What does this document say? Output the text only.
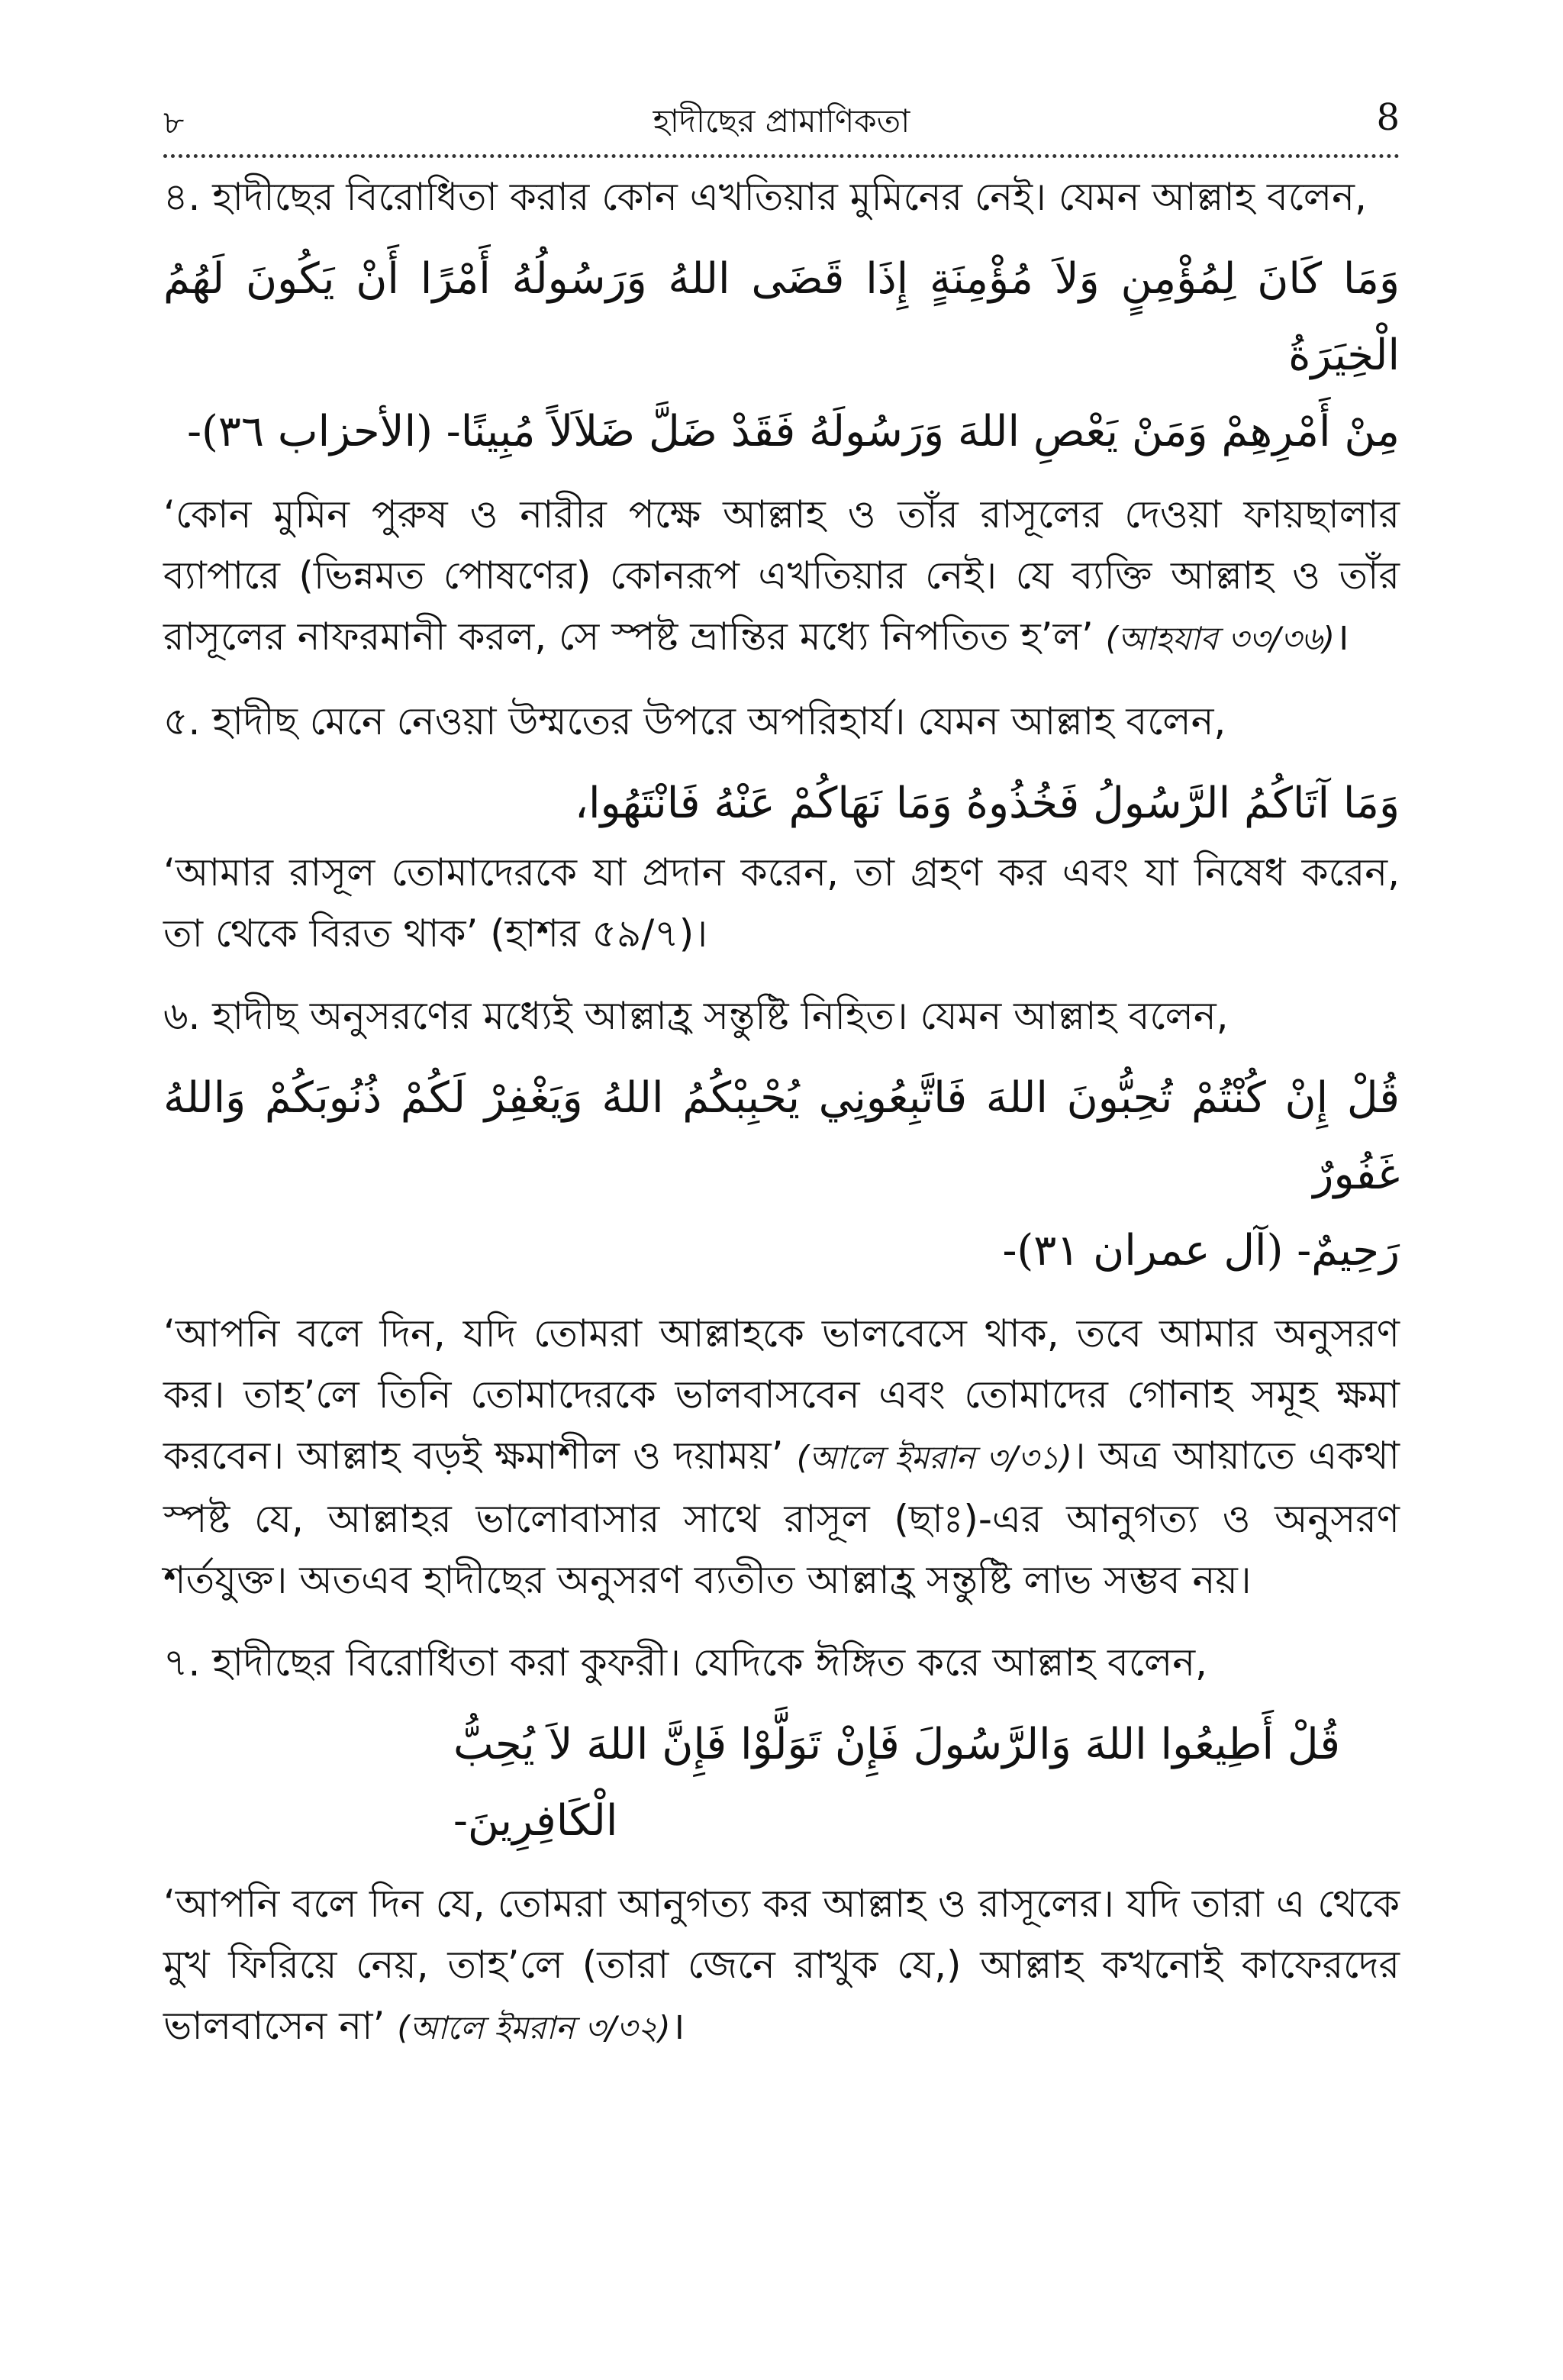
৮	হাদীছের প্রামাণিকতা	8

৪. হাদীছের বিরোধিতা করার কোন এখতিয়ার মুমিনের নেই। যেমন আল্লাহ বলেন,

وَمَا كَانَ لِمُؤْمِنٍ وَلاَ مُؤْمِنَةٍ إِذَا قَضَى اللهُ وَرَسُولُهُ أَمْرًا أَنْ يَكُونَ لَهُمُ الْخِيَرَةُ

مِنْ أَمْرِهِمْ وَمَنْ يَعْصِ اللهَ وَرَسُولَهُ فَقَدْ ضَلَّ ضَلاَلاً مُبِينًا- (الأحزاب ٣٦)-

‘কোন মুমিন পুরুষ ও নারীর পক্ষে আল্লাহ ও তাঁর রাসূলের দেওয়া ফায়ছালার ব্যাপারে (ভিন্নমত পোষণের) কোনরূপ এখতিয়ার নেই। যে ব্যক্তি আল্লাহ ও তাঁর রাসূলের নাফরমানী করল, সে স্পষ্ট ভ্রান্তির মধ্যে নিপতিত হ’ল’ (আহযাব ৩৩/৩৬)।

৫. হাদীছ মেনে নেওয়া উম্মতের উপরে অপরিহার্য। যেমন আল্লাহ বলেন,

وَمَا آتَاكُمُ الرَّسُولُ فَخُذُوهُ وَمَا نَهَاكُمْ عَنْهُ فَانْتَهُوا،

‘আমার রাসূল তোমাদেরকে যা প্রদান করেন, তা গ্রহণ কর এবং যা নিষেধ করেন, তা থেকে বিরত থাক’ (হাশর ৫৯/৭)।

৬. হাদীছ অনুসরণের মধ্যেই আল্লাহ্র সন্তুষ্টি নিহিত। যেমন আল্লাহ বলেন,

قُلْ إِنْ كُنْتُمْ تُحِبُّونَ اللهَ فَاتَّبِعُونِي يُحْبِبْكُمُ اللهُ وَيَغْفِرْ لَكُمْ ذُنُوبَكُمْ وَاللهُ غَفُورٌ

رَحِيمٌ- (آل عمران ٣١)-

‘আপনি বলে দিন, যদি তোমরা আল্লাহকে ভালবেসে থাক, তবে আমার অনুসরণ কর। তাহ’লে তিনি তোমাদেরকে ভালবাসবেন এবং তোমাদের গোনাহ সমূহ ক্ষমা করবেন। আল্লাহ বড়ই ক্ষমাশীল ও দয়াময়’ (আলে ইমরান ৩/৩১)। অত্র আয়াতে একথা স্পষ্ট যে, আল্লাহর ভালোবাসার সাথে রাসূল (ছাঃ)-এর আনুগত্য ও অনুসরণ শর্তযুক্ত। অতএব হাদীছের অনুসরণ ব্যতীত আল্লাহ্র সন্তুষ্টি লাভ সম্ভব নয়।

৭. হাদীছের বিরোধিতা করা কুফরী। যেদিকে ঈঙ্গিত করে আল্লাহ বলেন,

قُلْ أَطِيعُوا اللهَ وَالرَّسُولَ فَإِنْ تَوَلَّوْا فَإِنَّ اللهَ لاَ يُحِبُّ الْكَافِرِينَ-

‘আপনি বলে দিন যে, তোমরা আনুগত্য কর আল্লাহ ও রাসূলের। যদি তারা এ থেকে মুখ ফিরিয়ে নেয়, তাহ’লে (তারা জেনে রাখুক যে,) আল্লাহ কখনোই কাফেরদের ভালবাসেন না’ (আলে ইমরান ৩/৩২)।
